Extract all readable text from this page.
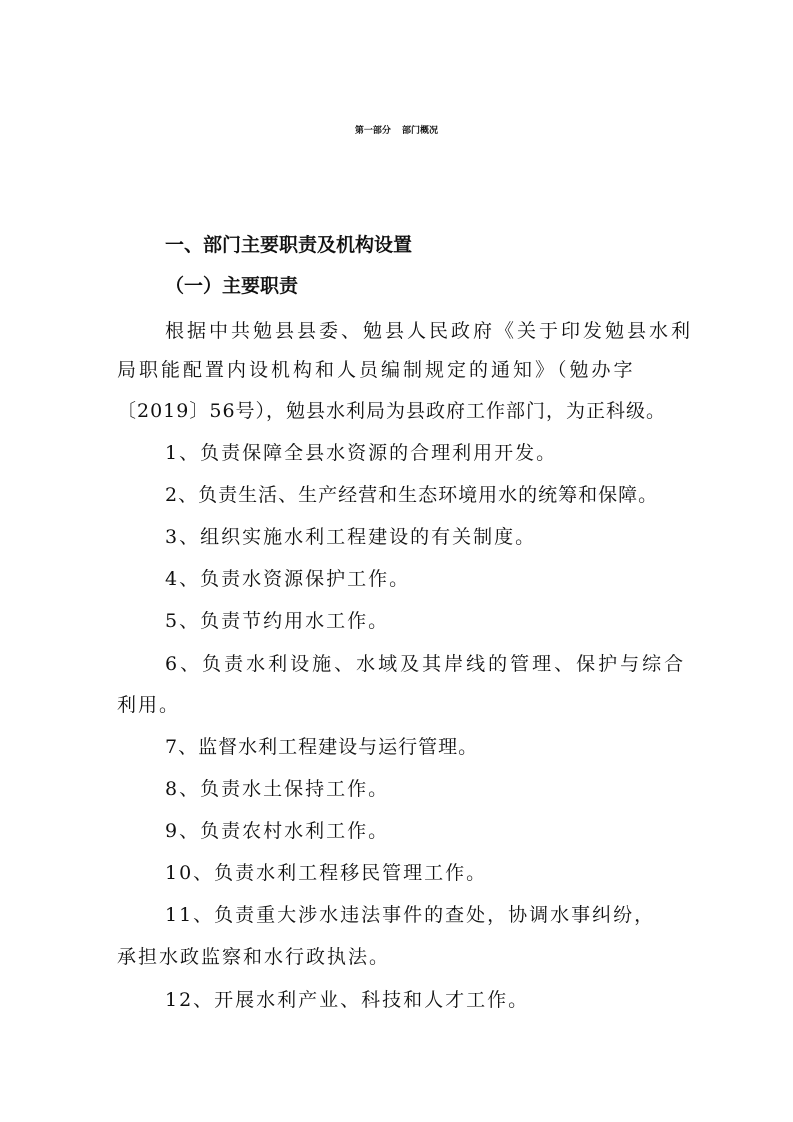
第一部分 部门概况
一、部门主要职责及机构设置
（一）主要职责
根据中共勉县县委、勉县人民政府《关于印发勉县水利
局职能配置内设机构和人员编制规定的通知》（勉办字
〔2019〕56号），勉县水利局为县政府工作部门，为正科级。
1、负责保障全县水资源的合理利用开发。
2、负责生活、生产经营和生态环境用水的统筹和保障。
3、组织实施水利工程建设的有关制度。
4、负责水资源保护工作。
5、负责节约用水工作。
6、负责水利设施、水域及其岸线的管理、保护与综合
利用。
7、监督水利工程建设与运行管理。
8、负责水土保持工作。
9、负责农村水利工作。
10、负责水利工程移民管理工作。
11、负责重大涉水违法事件的查处，协调水事纠纷，
承担水政监察和水行政执法。
12、开展水利产业、科技和人才工作。
